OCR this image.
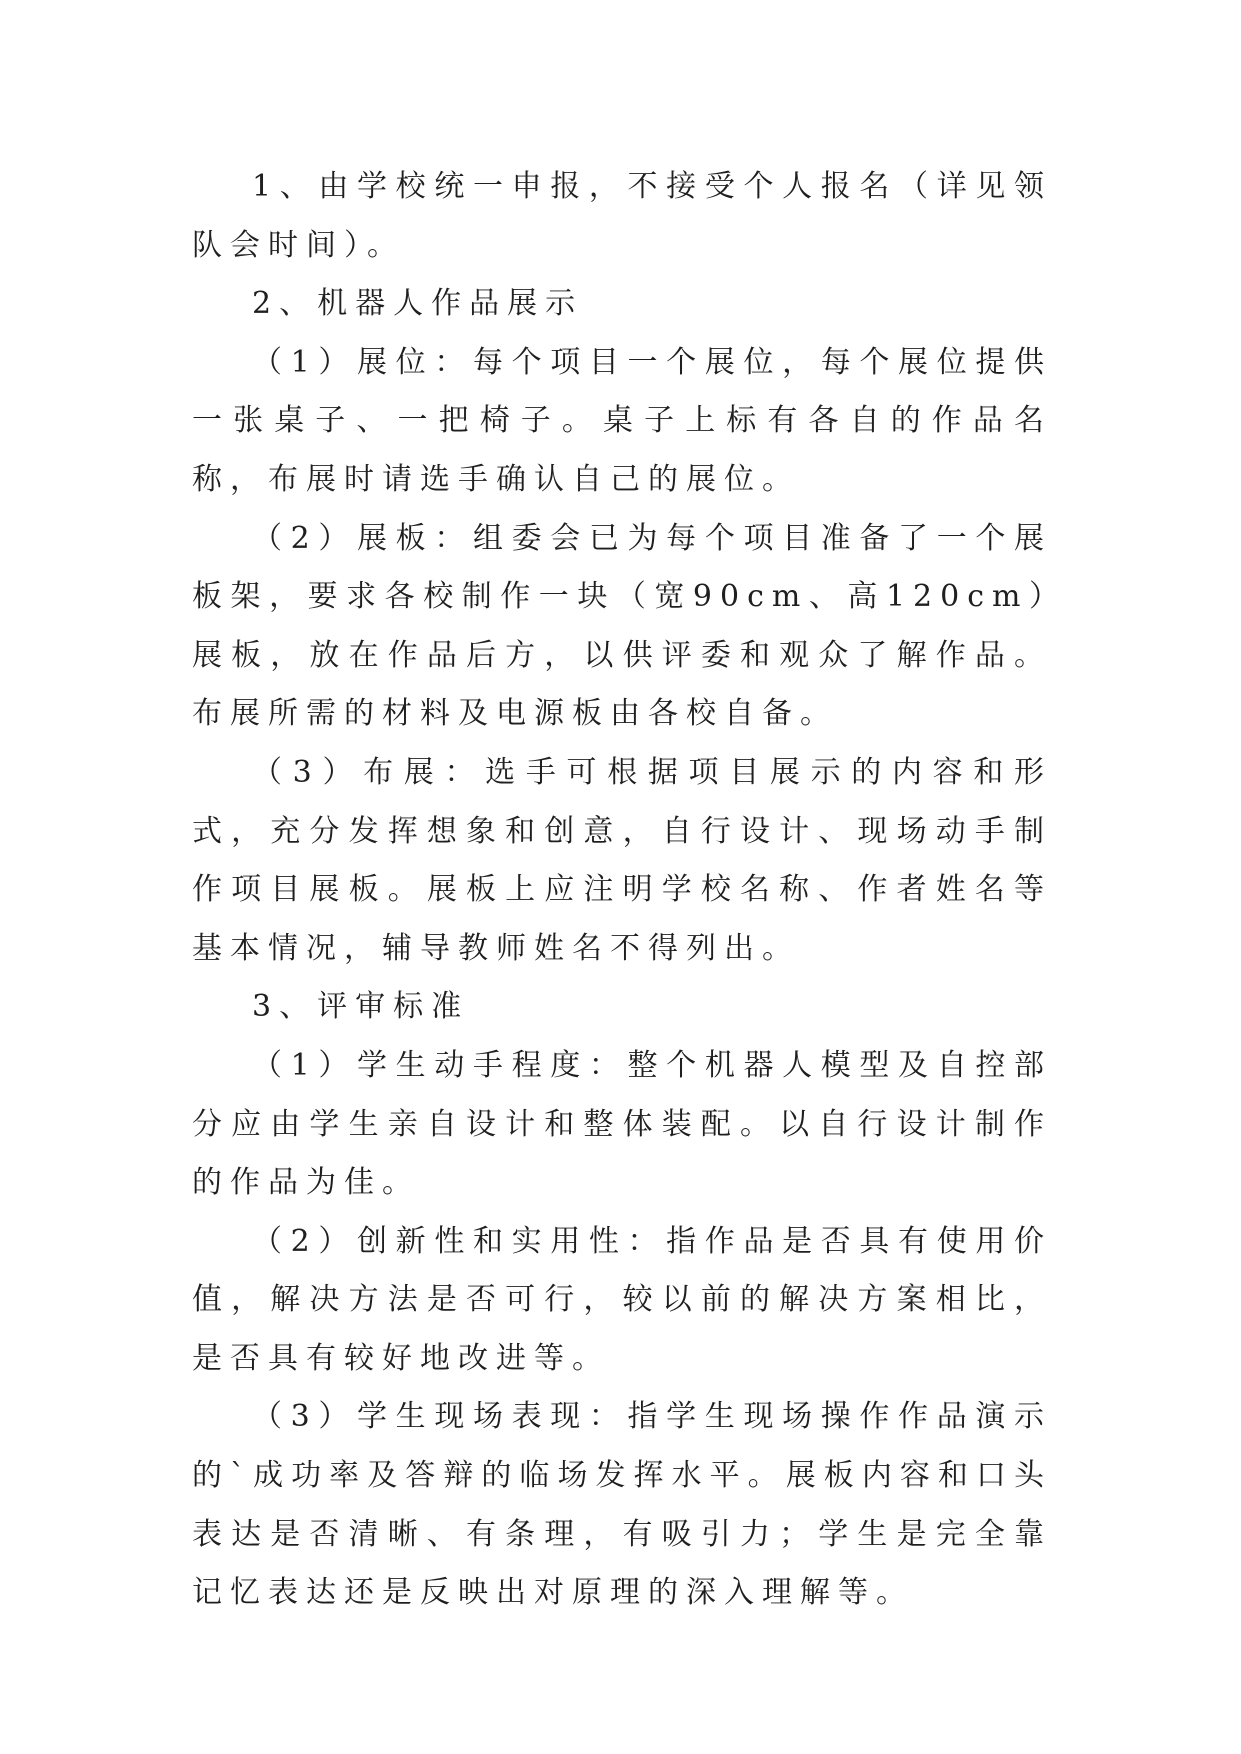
1、由学校统一申报，不接受个人报名（详见领队会时间）。

2、机器人作品展示

（1）展位：每个项目一个展位，每个展位提供一张桌子、一把椅子。桌子上标有各自的作品名称，布展时请选手确认自己的展位。

（2）展板：组委会已为每个项目准备了一个展板架，要求各校制作一块（宽90cm、高120cm）展板，放在作品后方，以供评委和观众了解作品。布展所需的材料及电源板由各校自备。

（3）布展：选手可根据项目展示的内容和形式，充分发挥想象和创意，自行设计、现场动手制作项目展板。展板上应注明学校名称、作者姓名等基本情况，辅导教师姓名不得列出。

3、评审标准

（1）学生动手程度：整个机器人模型及自控部分应由学生亲自设计和整体装配。以自行设计制作的作品为佳。

（2）创新性和实用性：指作品是否具有使用价值，解决方法是否可行，较以前的解决方案相比，是否具有较好地改进等。

（3）学生现场表现：指学生现场操作作品演示的`成功率及答辩的临场发挥水平。展板内容和口头表达是否清晰、有条理，有吸引力；学生是完全靠记忆表达还是反映出对原理的深入理解等。
